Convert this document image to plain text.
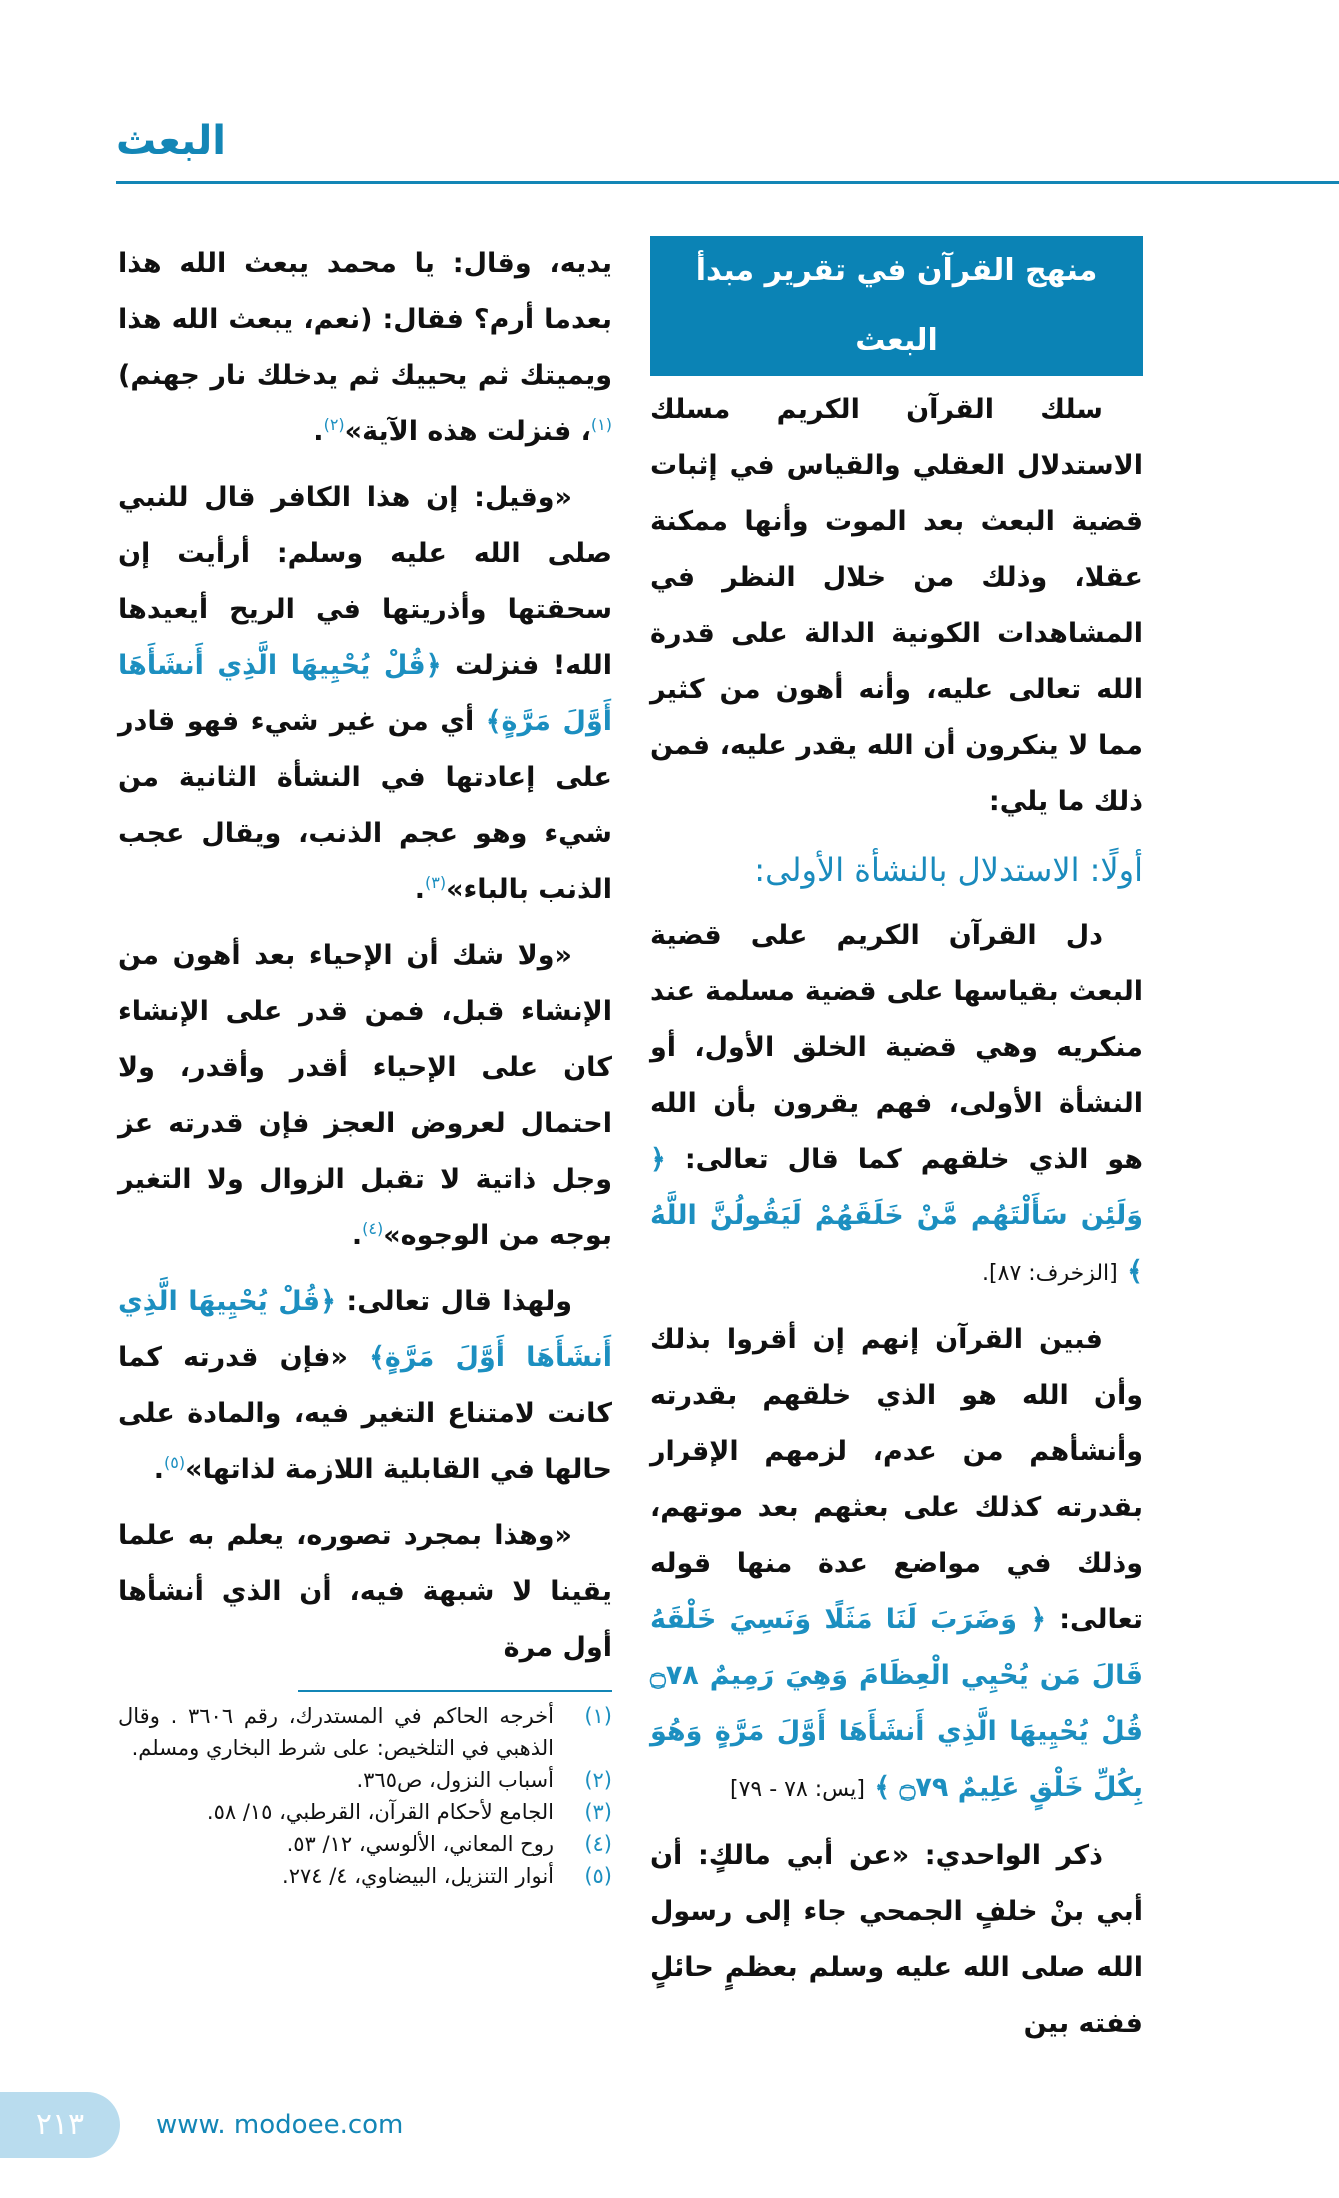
البعث

يديه، وقال: يا محمد يبعث الله هذا بعدما أرم؟ فقال: (نعم، يبعث الله هذا ويميتك ثم يحييك ثم يدخلك نار جهنم)$^{(١)}$، فنزلت هذه الآية»$^{(٢)}$.

«وقيل: إن هذا الكافر قال للنبي صلى الله عليه وسلم: أرأيت إن سحقتها وأذريتها في الريح أيعيدها الله! فنزلت ﴿قُلْ يُحْيِيهَا الَّذِي أَنشَأَهَا أَوَّلَ مَرَّةٍ﴾ أي من غير شيء فهو قادر على إعادتها في النشأة الثانية من شيء وهو عجم الذنب، ويقال عجب الذنب بالباء»$^{(٣)}$.

«ولا شك أن الإحياء بعد أهون من الإنشاء قبل، فمن قدر على الإنشاء كان على الإحياء أقدر وأقدر، ولا احتمال لعروض العجز فإن قدرته عز وجل ذاتية لا تقبل الزوال ولا التغير بوجه من الوجوه»$^{(٤)}$.

ولهذا قال تعالى: ﴿قُلْ يُحْيِيهَا الَّذِي أَنشَأَهَا أَوَّلَ مَرَّةٍ﴾ «فإن قدرته كما كانت لامتناع التغير فيه، والمادة على حالها في القابلية اللازمة لذاتها»$^{(٥)}$.

«وهذا بمجرد تصوره، يعلم به علما يقينا لا شبهة فيه، أن الذي أنشأها أول مرة

(١)
أخرجه الحاكم في المستدرك، رقم ٣٦٠٦ . وقال الذهبي في التلخيص: على شرط البخاري ومسلم.
(٢)
أسباب النزول، ص٣٦٥.
(٣)
الجامع لأحكام القرآن، القرطبي، ١٥/ ٥٨.
(٤)
روح المعاني، الألوسي، ١٢/ ٥٣.
(٥)
أنوار التنزيل، البيضاوي، ٤/ ٢٧٤.
منهج القرآن في تقرير مبدأ البعث

سلك القرآن الكريم مسلك الاستدلال العقلي والقياس في إثبات قضية البعث بعد الموت وأنها ممكنة عقلا، وذلك من خلال النظر في المشاهدات الكونية الدالة على قدرة الله تعالى عليه، وأنه أهون من كثير مما لا ينكرون أن الله يقدر عليه، فمن ذلك ما يلي:

أولًا: الاستدلال بالنشأة الأولى:

دل القرآن الكريم على قضية البعث بقياسها على قضية مسلمة عند منكريه وهي قضية الخلق الأول، أو النشأة الأولى، فهم يقرون بأن الله هو الذي خلقهم كما قال تعالى: ﴿ وَلَئِن سَأَلْتَهُم مَّنْ خَلَقَهُمْ لَيَقُولُنَّ اللَّهُ ﴾ [الزخرف: ٨٧].

فبين القرآن إنهم إن أقروا بذلك وأن الله هو الذي خلقهم بقدرته وأنشأهم من عدم، لزمهم الإقرار بقدرته كذلك على بعثهم بعد موتهم، وذلك في مواضع عدة منها قوله تعالى: ﴿ وَضَرَبَ لَنَا مَثَلًا وَنَسِيَ خَلْقَهُ قَالَ مَن يُحْيِي الْعِظَامَ وَهِيَ رَمِيمٌ ۝٧٨ قُلْ يُحْيِيهَا الَّذِي أَنشَأَهَا أَوَّلَ مَرَّةٍ وَهُوَ بِكُلِّ خَلْقٍ عَلِيمٌ ۝٧٩ ﴾ [يس: ٧٨ - ٧٩]

ذكر الواحدي: «عن أبي مالكٍ: أن أبي بنْ خلفٍ الجمحي جاء إلى رسول الله صلى الله عليه وسلم بعظمٍ حائلٍ ففته بين

٢١٣	www. modoee.com
